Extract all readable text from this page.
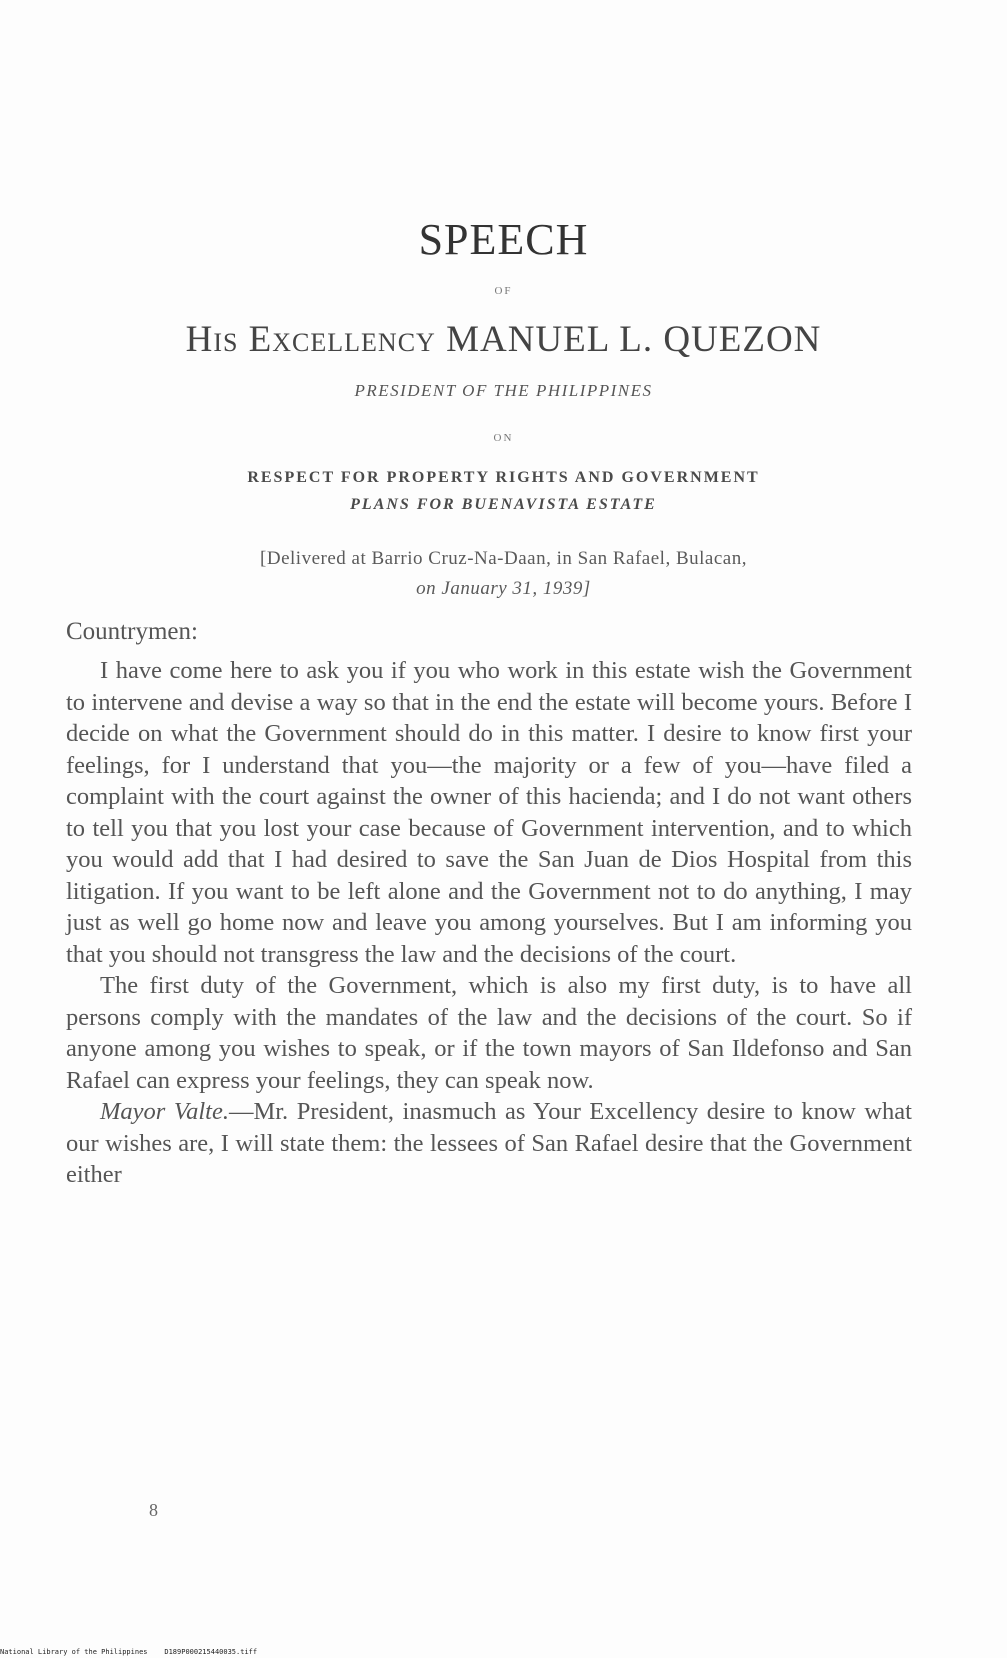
SPEECH
OF
His Excellency MANUEL L. QUEZON
PRESIDENT OF THE PHILIPPINES
ON
RESPECT FOR PROPERTY RIGHTS AND GOVERNMENT
PLANS FOR BUENAVISTA ESTATE
[Delivered at Barrio Cruz-Na-Daan, in San Rafael, Bulacan,
on January 31, 1939]
Countrymen:

I have come here to ask you if you who work in this estate wish the Government to intervene and devise a way so that in the end the estate will become yours. Before I decide on what the Government should do in this matter. I desire to know first your feelings, for I understand that you—the majority or a few of you—have filed a complaint with the court against the owner of this hacienda; and I do not want others to tell you that you lost your case because of Government intervention, and to which you would add that I had desired to save the San Juan de Dios Hospital from this litigation. If you want to be left alone and the Government not to do anything, I may just as well go home now and leave you among yourselves. But I am informing you that you should not transgress the law and the decisions of the court.

The first duty of the Government, which is also my first duty, is to have all persons comply with the mandates of the law and the decisions of the court. So if anyone among you wishes to speak, or if the town mayors of San Ildefonso and San Rafael can express your feelings, they can speak now.

Mayor Valte.—Mr. President, inasmuch as Your Excellency desire to know what our wishes are, I will state them: the lessees of San Rafael desire that the Government either

8
National Library of the Philippines D189P000215440035.tiff
